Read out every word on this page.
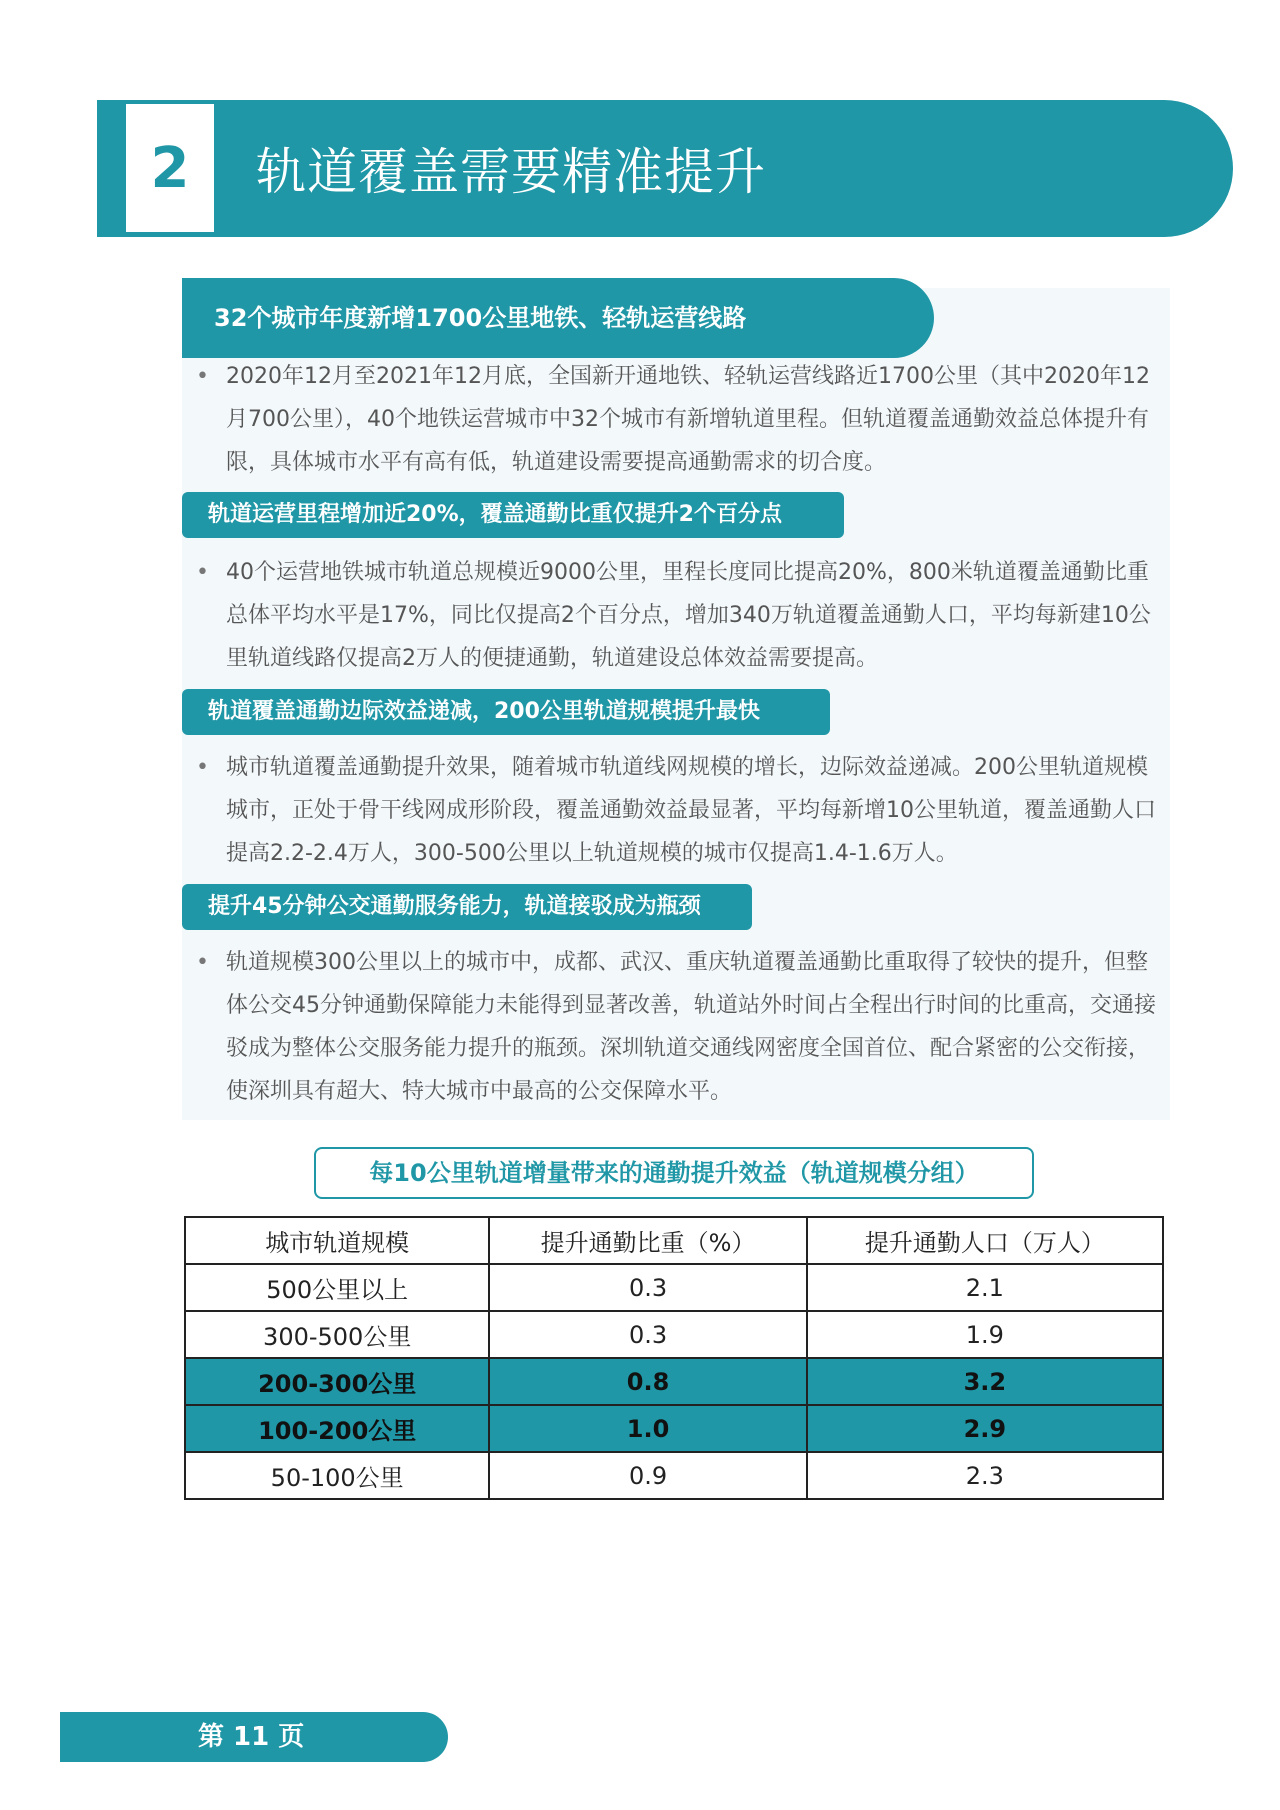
2	轨道覆盖需要精准提升
32个城市年度新增1700公里地铁、轻轨运营线路
• 2020年12月至2021年12月底，全国新开通地铁、轻轨运营线路近1700公里（其中2020年12月700公里），40个地铁运营城市中32个城市有新增轨道里程。但轨道覆盖通勤效益总体提升有限，具体城市水平有高有低，轨道建设需要提高通勤需求的切合度。
轨道运营里程增加近20%，覆盖通勤比重仅提升2个百分点
• 40个运营地铁城市轨道总规模近9000公里，里程长度同比提高20%，800米轨道覆盖通勤比重总体平均水平是17%，同比仅提高2个百分点，增加340万轨道覆盖通勤人口，平均每新建10公里轨道线路仅提高2万人的便捷通勤，轨道建设总体效益需要提高。
轨道覆盖通勤边际效益递减，200公里轨道规模提升最快
• 城市轨道覆盖通勤提升效果，随着城市轨道线网规模的增长，边际效益递减。200公里轨道规模城市，正处于骨干线网成形阶段，覆盖通勤效益最显著，平均每新增10公里轨道，覆盖通勤人口提高2.2-2.4万人，300-500公里以上轨道规模的城市仅提高1.4-1.6万人。
提升45分钟公交通勤服务能力，轨道接驳成为瓶颈
• 轨道规模300公里以上的城市中，成都、武汉、重庆轨道覆盖通勤比重取得了较快的提升，但整体公交45分钟通勤保障能力未能得到显著改善，轨道站外时间占全程出行时间的比重高，交通接驳成为整体公交服务能力提升的瓶颈。深圳轨道交通线网密度全国首位、配合紧密的公交衔接，使深圳具有超大、特大城市中最高的公交保障水平。
每10公里轨道增量带来的通勤提升效益（轨道规模分组）
城市轨道规模	提升通勤比重（%）	提升通勤人口（万人）
500公里以上	0.3	2.1
300-500公里	0.3	1.9
200-300公里	0.8	3.2
100-200公里	1.0	2.9
50-100公里	0.9	2.3
第 11 页
